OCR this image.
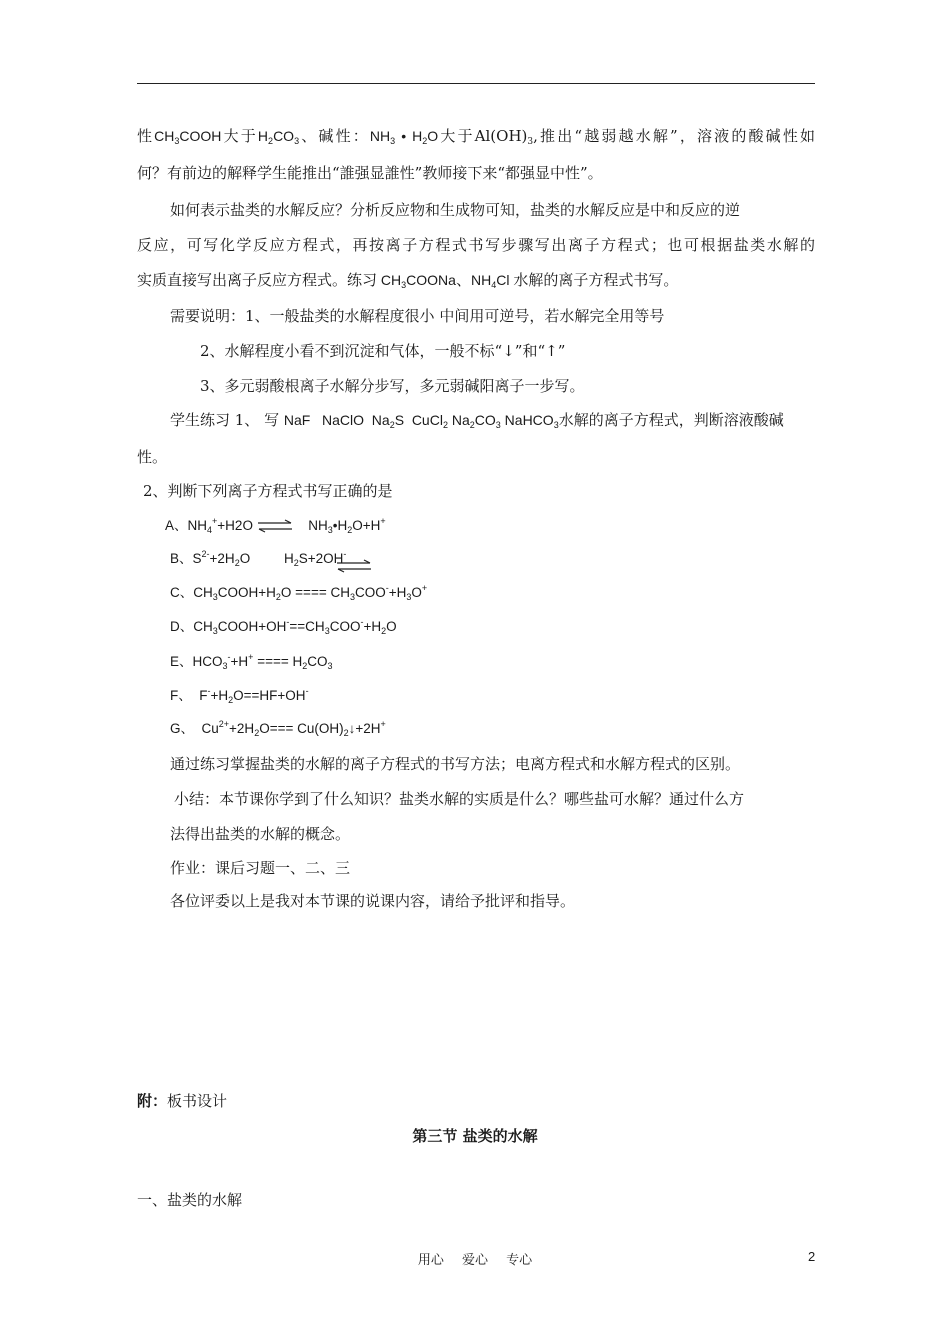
性$CH_3COOH$大于$H_2CO_3$、碱性：$NH_3$ • $H_2O$大于$Al(OH)_3$,推出“越弱越水解”，溶液的酸碱性如
何？有前边的解释学生能推出“誰强显誰性”教师接下来“都强显中性”。
如何表示盐类的水解反应？分析反应物和生成物可知，盐类的水解反应是中和反应的逆
反应，可写化学反应方程式，再按离子方程式书写步骤写出离子方程式；也可根据盐类水解的
实质直接写出离子反应方程式。练习 $CH_3COONa$、$NH_4Cl$ 水解的离子方程式书写。
需要说明：1、一般盐类的水解程度很小 中间用可逆号，若水解完全用等号
2、水解程度小看不到沉淀和气体，一般不标“↓”和“↑”
3、多元弱酸根离子水解分步写，多元弱碱阳离子一步写。
学生练习 1、 写 NaF   NaClO  $Na_2S$  CuCl$_2$ $Na_2CO_3$ NaHCO$_3$水解的离子方程式，判断溶液酸碱
性。
2、判断下列离子方程式书写正确的是
A、$NH_4^++H2O$ ⇌ $NH_3•H_2O+H^+$
B、$S^{2-}+2H_2O$         $H_2S+2OH^-$
C、$CH_3COOH+H_2O$ ==== $CH_3COO^-+H_3O^+$
D、$CH_3COOH+OH^-==CH_3COO^-+H_2O$
E、$HCO_3^-+H^+$ ==== $H_2CO_3$
F、  $F^-+H_2O==HF+OH^-$
G、  $Cu^{2+}+2H_2O===$ $Cu(OH)_2↓+2H^+$
通过练习掌握盐类的水解的离子方程式的书写方法；电离方程式和水解方程式的区别。
小结：本节课你学到了什么知识？盐类水解的实质是什么？哪些盐可水解？通过什么方
法得出盐类的水解的概念。
作业：课后习题一、二、三
各位评委以上是我对本节课的说课内容，请给予批评和指导。
附：板书设计
第三节 盐类的水解
一、盐类的水解
用心 爱心 专心	2
